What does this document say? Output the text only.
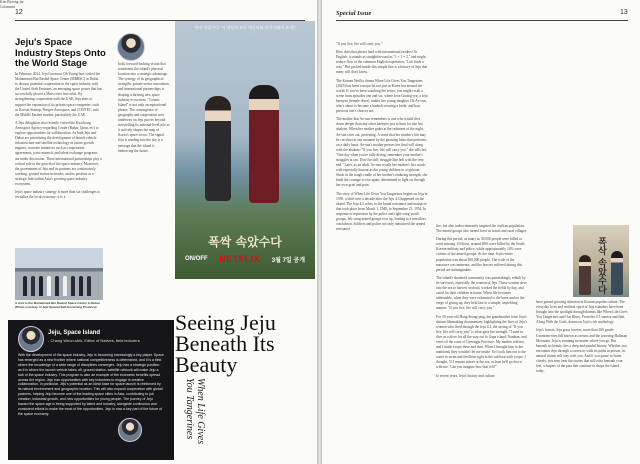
12
Jeju's Space Industry Steps Onto the World Stage

In February 2024, Jeju Governor Oh Young-hun visited the Mohammed Bin Rashid Space Center (MBRSC) in Dubai to discuss potential cooperation in the space industry with the United Arab Emirates, an emerging space power that has successfully placed a Mars rover into orbit. By strengthening cooperation with the UAE, Jeju aims to support the expansion of its private space companies, such as Korean Startup, Perigee Aerospace, and CONTEC, into the Middle Eastern market, particularly the UAE.

A Jeju delegation also recently visited the Kwichong Aerospace Agency-regarding Center (Bahar, Qatar, etc) to explore opportunities for collaboration. As both Jeju and Dubai are prioritizing the development of launch vehicle infrastructure and satellite technology as future growth engines, concrete initiatives such as cooperation agreements, joint research, and talent exchange programs are under discussion. These international partnerships play a critical role in the growth of the space industry. Moreover, the government of Jeju and its partners are continuously working, ground station networks, and its position as a strategic hub within Asia's growing space industry ecosystem.

Jeju's space industry strategy is more than six challenges to revitalize the local economy: it is a

bold, forward-looking vision that transforms the island's physical location into a strategic advantage. The synergy of its geographical strengths, private-sector innovation, and international partnerships is shaping a thriving new space industry ecosystem. "Cosmic Island" is not only an aspirational phrase. The convergence of geography and cooperation now underway on Jeju proves beyond storytelling its national-level role as it actively shapes the map of Korea's space sector. The signal Jeju is sending into the sky is a message that the island is embracing the future.

A visit to the Mohammed Bin Rashid Space Center in Dubai (Photo courtesy of Jeju Special Self-Governing Province)
"폭삭 속았수다" 이 세상의 모든 애순이와 관식이에게 보내는
폭싹 속았수다
ON/OFF NETFLIX 3월 7일 공개
Seeing Jeju Beneath Its Beauty
When Life Gives You Tangerines
Kim Byeong-jin
Columnist
Jeju, Space Island
- Chang Weon-shik, Editor of Natives, field lecturers
With the development of the space industry, Jeju is becoming increasingly a key player. Space has emerged as a new frontier where national competitiveness is determined, and it is a field where the knowledge of a wide range of disciplines converges. Jeju has a strategic position: as it is where the launch vehicle takes off, ground station, satellite network will make Jeju a hub of the space industry. This program is also an example of the economic benefits spread across the region. Jeju has opportunities with key industries to engage in creative collaboration. In particular, Jeju's potential as an ideal base for space launch is reinforced by its natural environment and geographic location. This will also expand cooperation with global partners, helping Jeju become one of the leading space cities in Asia, contributing to job creation, industrial growth, and new opportunities for young people. The journey of Jeju toward the space age is being supported by talent and industry, alongside continuous and consistent efforts to make the most of the opportunities. Jeju is now a key part of the future of the space economy.
Special Issue	13

"If you live, life will carry you."

How does that phrase land with international readers? In English, it sounds as straightforward as "1 + 1 = 2," and might reduce flow of the common English expression, "Life finds a way." But packed inside this simple line is a history of Jeju that many still don't know.

The Korean Netflix drama When Life Gives You Tangerines (2025) has been a major hit not just in Korea but around the world. If you've been watching the series, you might recall a scene from episodes one and six, where Jeon Gwang-rye, a Jeju haenyeo (female diver), makes her young daughter Oh Ae-sun, who's about to become a hanbok-wearing a bride, and how precious one's choices are.

The mother that Ae-sun remembers is one who would dive down deeper than any other haenyeo just to hunt for one last abalone. When her mother grabs at the sediment of the night, Ae-sun cries out, protesting. A sense that her mother's life may be cut short at any moment by the gnawing labor that performs on a daily basis. Ae-sun's mother presses her final will along with the abalone: "If you live, life will carry you," she tells her. "One day when you're fully diving, remember your mother's struggles at sea. Don't be still, struggle like hell with the very end." Later, as an adult, Ae-sun recalls her mother's last words with especially honour as the young children in a typhoon. Stuck in the tough cradle of her mother's enduring strength, she finds the courage to rise again, determined to fight on through her own grief and pain.

The story of When Life Gives You Tangerines begins on Jeju in 1950, a little over a decade after the Jeju 4.3 happened on the island. The Jeju 4.3 refers to the brutal resistance and massacre that took place from March 1, 1948, to September 21, 1954. In response to repression by the police and right-wing youth groups, left-wing armed groups rose up, leading to a merciless crackdown. Soldiers and police not only massacred the armed resistance

fire, but also indiscriminately targeted the civilian population. The armed groups also turned force in towns and rural villages.

During this period, as many as 30,000 people were killed or went missing. Of those, around 86% were killed by the South Korean military and police, while approximately 14% were victims of the armed groups. At the time, Jeju's entire population was about 300,000 people. The scale of the massacre was immense, and the horrors suffered during this period are unimaginable.

The island's shattered community was painstakingly rebuilt by its survivors, especially the women of Jeju. These women dove into the sea to harvest seafood, worked the fields by day, and cared for their children at home. When life becomes unbearable, when they were exhausted to the bone and on the verge of giving up, they held fast to a simple, unyielding mantra: "If you live, life will carry you."

For 35-year-old Hong Seong-jang, the grandmother from Jeju's distant filmmaking documentary highlighting the lives of Jeju's women who lived through the Jeju 4.3, the saying of "If you live, life will carry you" is what gave her strength. "I used to dive as a diver for all the way out to Gapa island, Namhae, and even off the coast of Gyeongju Province. My mother told me, and I made a rope there and then. When I brought him to the mainland, they wouldn't let me inside. So I took him out to the water to swim and feed him right in the salt boat with a rope. I thought, 'If I remain ashore at the sea, at least he'll go down with me.' Can you imagine how that felt?"

In recent years, Jeju's history and culture

폭삭 속았수다

have gained growing attention in Korean popular culture. The everyday lives and resilient spirit of Jeju islanders have been brought into the spotlight through dramas like When Life Gives You Tangerines and Our Blues. From the 4.3 sunrise and film, Along With the Gods, drama on Jeju's rich mythology.

Jeju's forests, Jeju grass forever, more than 300 gentle Gwanrim-rises hill known as oreum, and the towering Hallasan Mountain. Jeju is stunning no matter where you go. But beneath its beauty, lies a deep and painful history. Whether you encounter Jeju through a screen or walk its paths in person, its natural charm will stay with you. And if you pause to listen closely, you may hear the stories that still echo beneath your feet, whispers of the past that continue to shape the island today.
